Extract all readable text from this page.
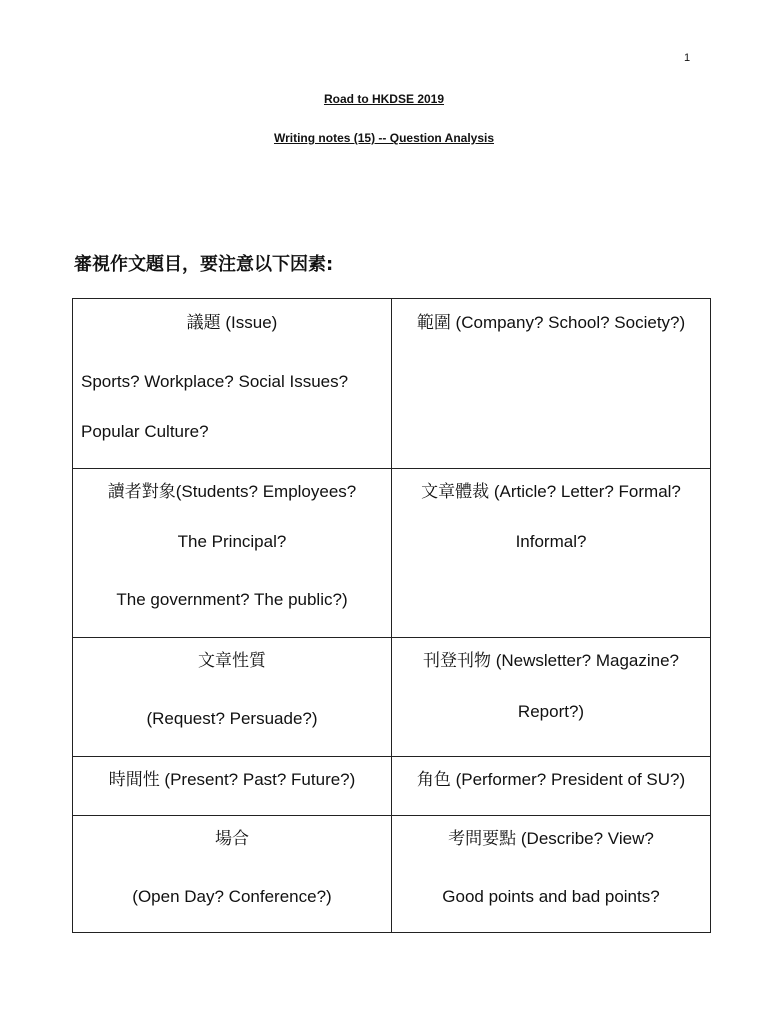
1
Road to HKDSE 2019
Writing notes (15) -- Question Analysis
審視作文題目，要注意以下因素:
議題 (Issue)
Sports? Workplace? Social Issues?
Popular Culture?	範圍 (Company? School? Society?)

讀者對象(Students? Employees?
The Principal?
The government? The public?)	文章體裁 (Article? Letter? Formal?
Informal?

文章性質
(Request? Persuade?)	刊登刊物 (Newsletter? Magazine?
Report?)

時間性 (Present? Past? Future?)	角色 (Performer? President of SU?)

場合
(Open Day? Conference?)	考問要點 (Describe? View?
Good points and bad points?
